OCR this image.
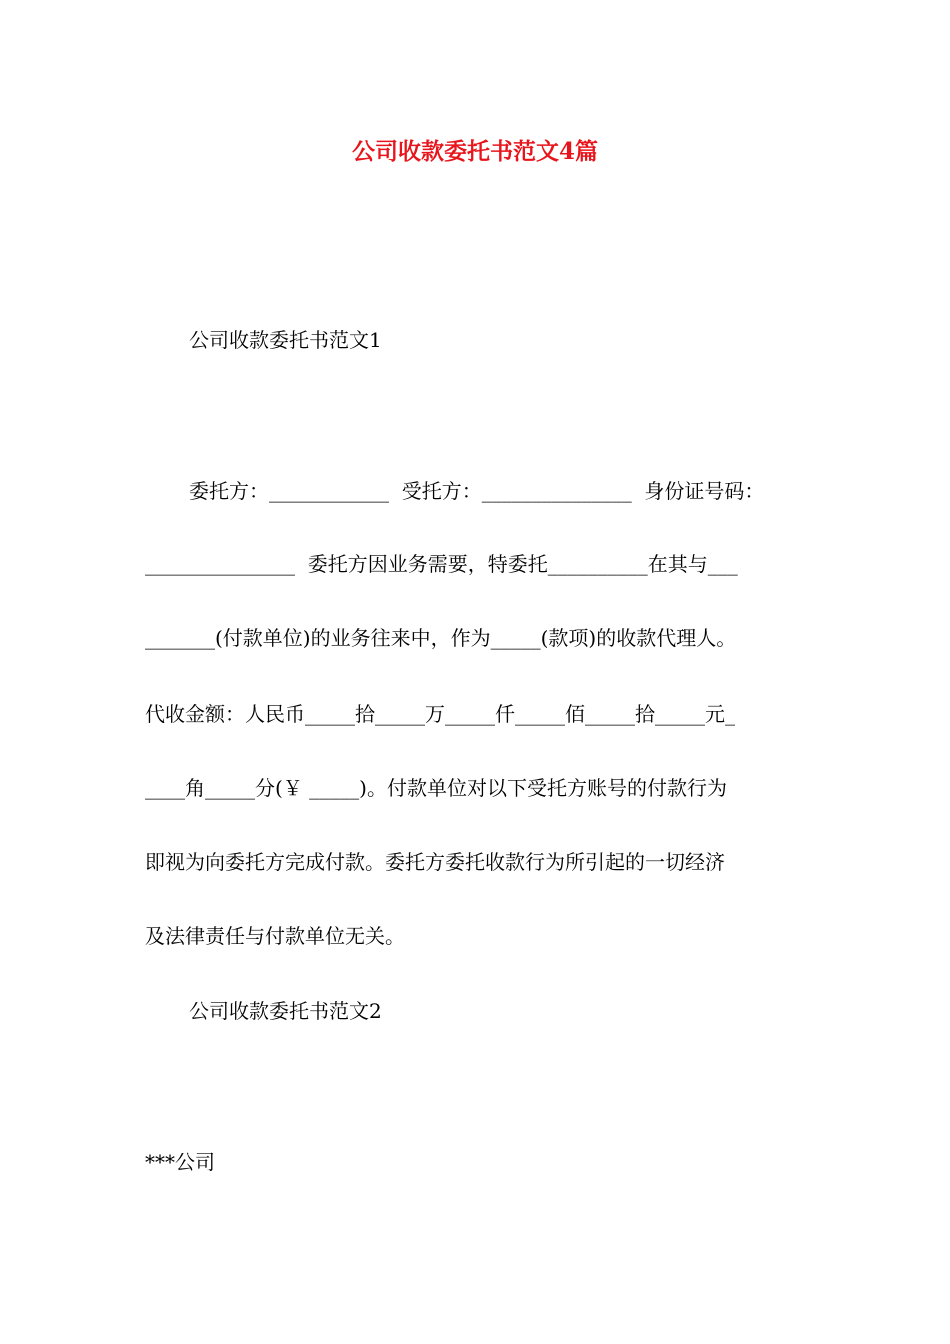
公司收款委托书范文4篇
公司收款委托书范文1
委托方：____________  受托方：_______________  身份证号码：
_______________  委托方因业务需要，特委托__________在其与___
_______(付款单位)的业务往来中，作为_____(款项)的收款代理人。
代收金额：人民币_____拾_____万_____仟_____佰_____拾_____元_
____角_____分(￥ _____)。付款单位对以下受托方账号的付款行为
即视为向委托方完成付款。委托方委托收款行为所引起的一切经济
及法律责任与付款单位无关。
公司收款委托书范文2
***公司
